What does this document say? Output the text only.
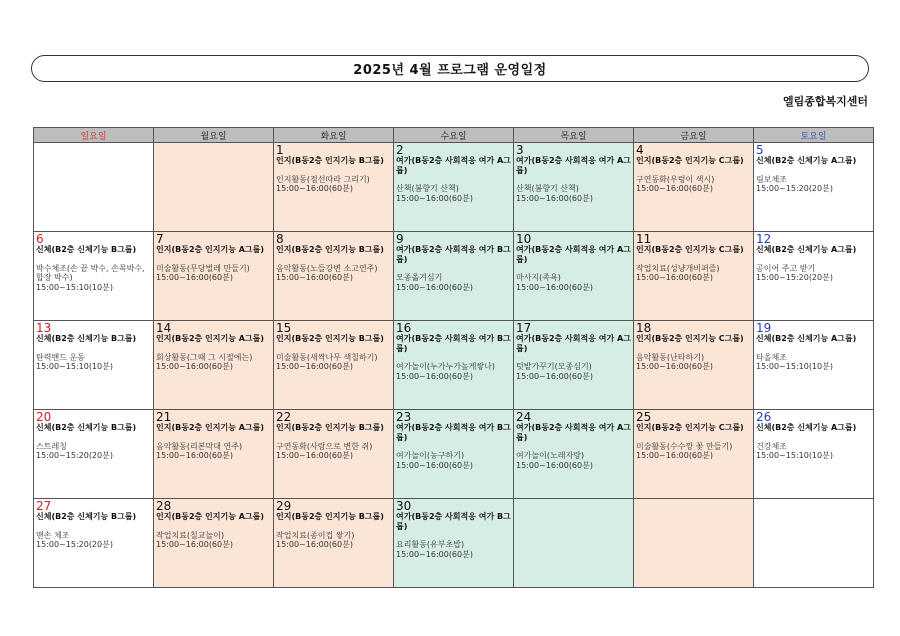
2025년 4월 프로그램 운영일정
엘림종합복지센터
일요일	월요일	화요일	수요일	목요일	금요일	토요일

		1
인지(B동2층 인지기능 B그룹)
인지활동(점선따라 그리기)
15:00~16:00(60분)	2
여가(B동2층 사회적응 여가 A그룹)
산책(봄향기 산책)
15:00~16:00(60분)	3
여가(B동2층 사회적응 여가 A그룹)
산책(봄향기 산책)
15:00~16:00(60분)	4
인지(B동2층 인지기능 C그룹)
구연동화(우렁이 색시)
15:00~16:00(60분)	5
신체(B2층 신체기능 A그룹)
림보체조
15:00~15:20(20분)

6
신체(B2층 신체기능 B그룹)
박수체조(손 끝 박수, 손목박수, 합장 박수)
15:00~15:10(10분)	7
인지(B동2층 인지기능 A그룹)
미술활동(무당벌레 만들기)
15:00~16:00(60분)	8
인지(B동2층 인지기능 B그룹)
음악활동(노들강변 소고연주)
15:00~16:00(60분)	9
여가(B동2층 사회적응 여가 B그룹)
모종옮겨심기
15:00~16:00(60분)	10
여가(B동2층 사회적응 여가 A그룹)
마사지(족욕)
15:00~16:00(60분)	11
인지(B동2층 인지기능 C그룹)
작업치료(성냥개비퍼즐)
15:00~16:00(60분)	12
신체(B2층 신체기능 A그룹)
공이어 주고 받기
15:00~15:20(20분)

13
신체(B2층 신체기능 B그룹)
탄력밴드 운동
15:00~15:10(10분)	14
인지(B동2층 인지기능 A그룹)
회상활동(그때 그 시절에는)
15:00~16:00(60분)	15
인지(B동2층 인지기능 B그룹)
미술활동(새싹나무 색칠하기)
15:00~16:00(60분)	16
여가(B동2층 사회적응 여가 B그룹)
여가놀이(누가누가높게쌓나)
15:00~16:00(60분)	17
여가(B동2층 사회적응 여가 A그룹)
텃밭가꾸기(모종심기)
15:00~16:00(60분)	18
인지(B동2층 인지기능 C그룹)
음악활동(난타하기)
15:00~16:00(60분)	19
신체(B2층 신체기능 A그룹)
타올체조
15:00~15:10(10분)

20
신체(B2층 신체기능 B그룹)
스트레칭
15:00~15:20(20분)	21
인지(B동2층 인지기능 A그룹)
음악활동(리본막대 연주)
15:00~16:00(60분)	22
인지(B동2층 인지기능 B그룹)
구연동화(사람으로 변한 쥐)
15:00~16:00(60분)	23
여가(B동2층 사회적응 여가 B그룹)
여가놀이(농구하기)
15:00~16:00(60분)	24
여가(B동2층 사회적응 여가 A그룹)
여가놀이(노래자랑)
15:00~16:00(60분)	25
인지(B동2층 인지기능 C그룹)
미술활동(수수깡 꽃 만들기)
15:00~16:00(60분)	26
신체(B2층 신체기능 A그룹)
건강체조
15:00~15:10(10분)

27
신체(B2층 신체기능 B그룹)
맨손 체조
15:00~15:20(20분)	28
인지(B동2층 인지기능 A그룹)
작업치료(칠교놀이)
15:00~16:00(60분)	29
인지(B동2층 인지기능 B그룹)
작업치료(종이컵 쌓기)
15:00~16:00(60분)	30
여가(B동2층 사회적응 여가 B그룹)
요리활동(유부초밥)
15:00~16:00(60분)			
